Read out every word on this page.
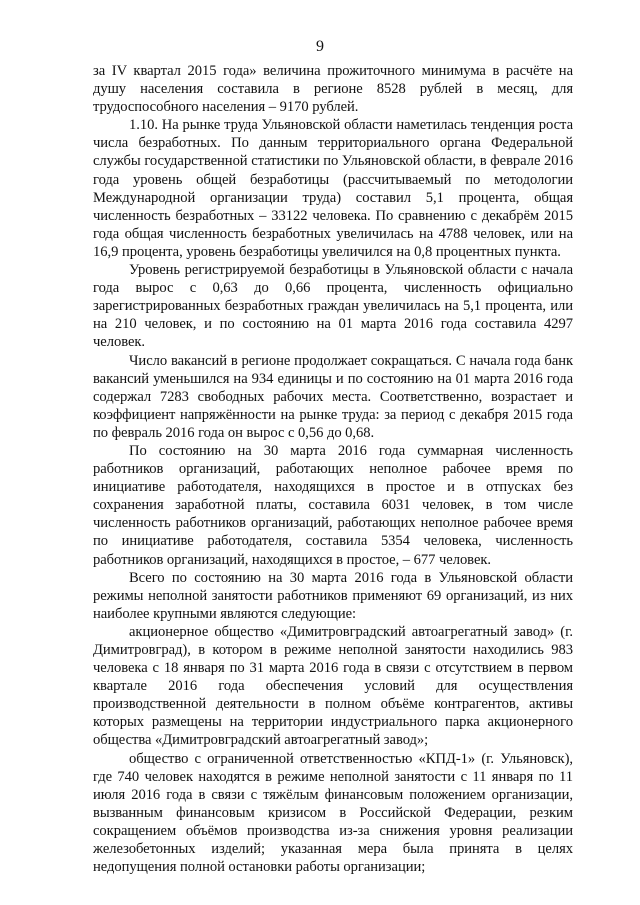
9

за IV квартал 2015 года» величина прожиточного минимума в расчёте на душу населения составила в регионе 8528 рублей в месяц, для трудоспособного населения – 9170 рублей.

1.10. На рынке труда Ульяновской области наметилась тенденция роста числа безработных. По данным территориального органа Федеральной службы государственной статистики по Ульяновской области, в феврале 2016 года уровень общей безработицы (рассчитываемый по методологии Международной организации труда) составил 5,1 процента, общая численность безработных – 33122 человека. По сравнению с декабрём 2015 года общая численность безработных увеличилась на 4788 человек, или на 16,9 процента, уровень безработицы увеличился на 0,8 процентных пункта.

Уровень регистрируемой безработицы в Ульяновской области с начала года вырос с 0,63 до 0,66 процента, численность официально зарегистрированных безработных граждан увеличилась на 5,1 процента, или на 210 человек, и по состоянию на 01 марта 2016 года составила 4297 человек.

Число вакансий в регионе продолжает сокращаться. С начала года банк вакансий уменьшился на 934 единицы и по состоянию на 01 марта 2016 года содержал 7283 свободных рабочих места. Соответственно, возрастает и коэффициент напряжённости на рынке труда: за период с декабря 2015 года по февраль 2016 года он вырос с 0,56 до 0,68.

По состоянию на 30 марта 2016 года суммарная численность работников организаций, работающих неполное рабочее время по инициативе работодателя, находящихся в простое и в отпусках без сохранения заработной платы, составила 6031 человек, в том числе численность работников организаций, работающих неполное рабочее время по инициативе работодателя, составила 5354 человека, численность работников организаций, находящихся в простое, – 677 человек.

Всего по состоянию на 30 марта 2016 года в Ульяновской области режимы неполной занятости работников применяют 69 организаций, из них наиболее крупными являются следующие:

акционерное общество «Димитровградский автоагрегатный завод» (г. Димитровград), в котором в режиме неполной занятости находились 983 человека с 18 января по 31 марта 2016 года в связи с отсутствием в первом квартале 2016 года обеспечения условий для осуществления производственной деятельности в полном объёме контрагентов, активы которых размещены на территории индустриального парка акционерного общества «Димитровградский автоагрегатный завод»;

общество с ограниченной ответственностью «КПД-1» (г. Ульяновск), где 740 человек находятся в режиме неполной занятости с 11 января по 11 июля 2016 года в связи с тяжёлым финансовым положением организации, вызванным финансовым кризисом в Российской Федерации, резким сокращением объёмов производства из-за снижения уровня реализации железобетонных изделий; указанная мера была принята в целях недопущения полной остановки работы организации;
